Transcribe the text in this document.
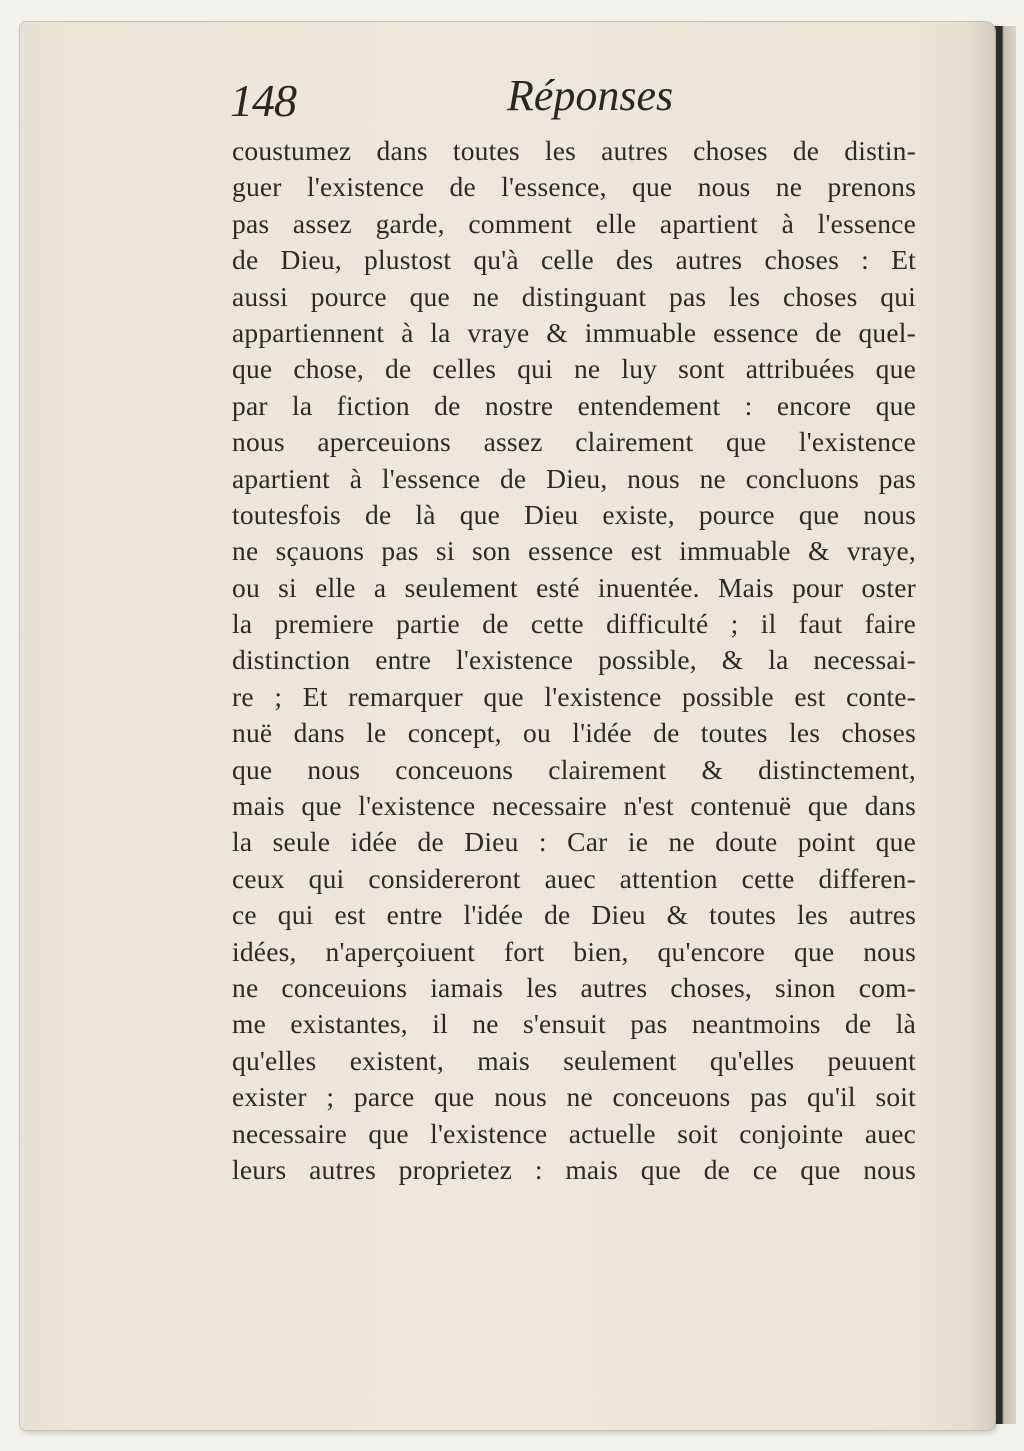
148	Réponses
coustumez dans toutes les autres choses de distin-
guer l'existence de l'essence, que nous ne prenons
pas assez garde, comment elle apartient à l'essence
de Dieu, plustost qu'à celle des autres choses : Et
aussi pource que ne distinguant pas les choses qui
appartiennent à la vraye & immuable essence de quel-
que chose, de celles qui ne luy sont attribuées que
par la fiction de nostre entendement : encore que
nous aperceuions assez clairement que l'existence
apartient à l'essence de Dieu, nous ne concluons pas
toutesfois de là que Dieu existe, pource que nous
ne sçauons pas si son essence est immuable & vraye,
ou si elle a seulement esté inuentée. Mais pour oster
la premiere partie de cette difficulté ; il faut faire
distinction entre l'existence possible, & la necessai-
re ; Et remarquer que l'existence possible est conte-
nuë dans le concept, ou l'idée de toutes les choses
que nous conceuons clairement & distinctement,
mais que l'existence necessaire n'est contenuë que dans
la seule idée de Dieu : Car ie ne doute point que
ceux qui considereront auec attention cette differen-
ce qui est entre l'idée de Dieu & toutes les autres
idées, n'aperçoiuent fort bien, qu'encore que nous
ne conceuions iamais les autres choses, sinon com-
me existantes, il ne s'ensuit pas neantmoins de là
qu'elles existent, mais seulement qu'elles peuuent
exister ; parce que nous ne conceuons pas qu'il soit
necessaire que l'existence actuelle soit conjointe auec
leurs autres proprietez : mais que de ce que nous
